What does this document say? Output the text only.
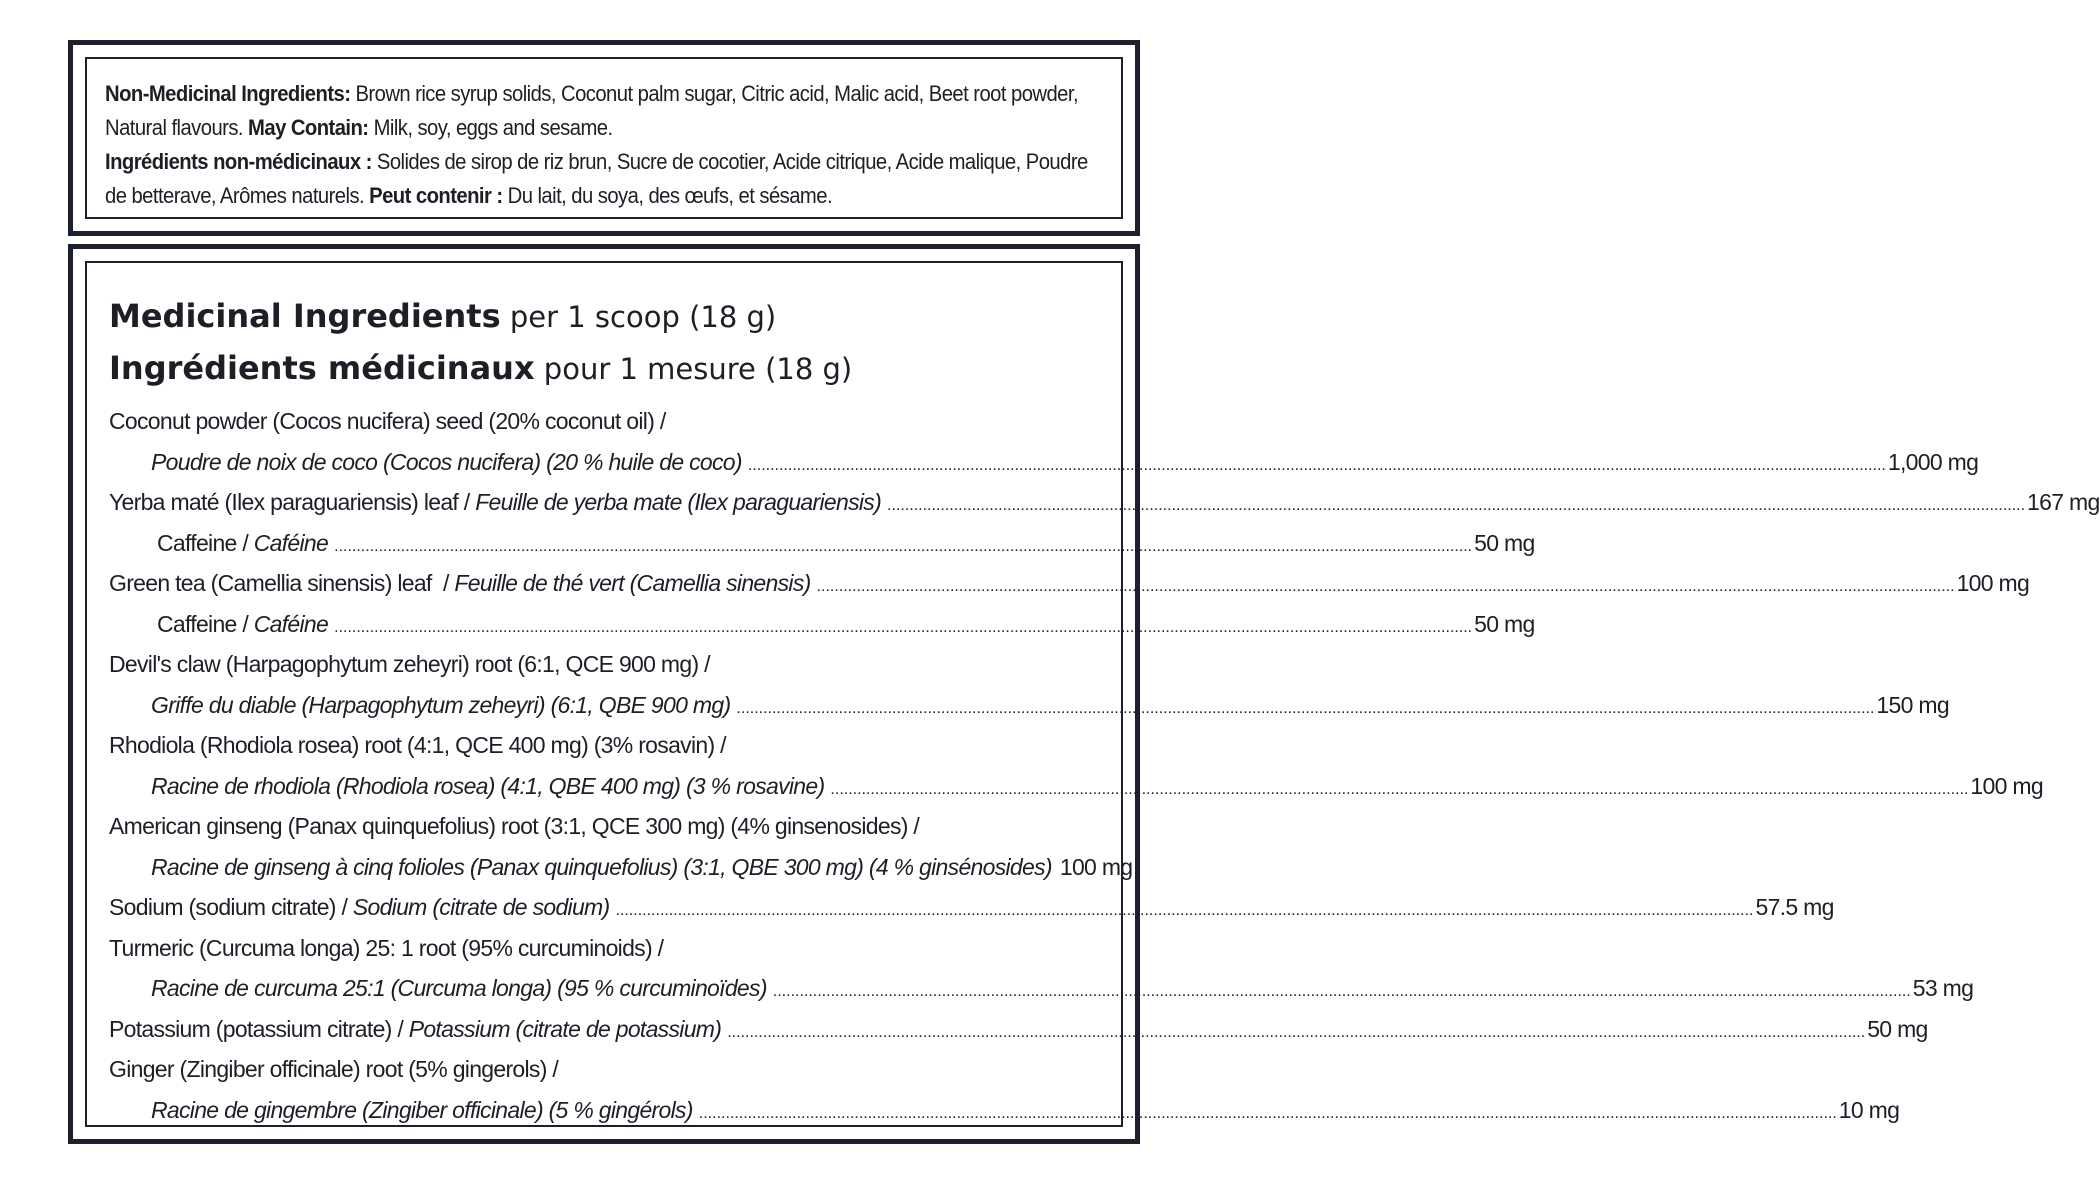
Non-Medicinal Ingredients: Brown rice syrup solids, Coconut palm sugar, Citric acid, Malic acid, Beet root powder, Natural flavours. May Contain: Milk, soy, eggs and sesame.
Ingrédients non-médicinaux : Solides de sirop de riz brun, Sucre de cocotier, Acide citrique, Acide malique, Poudre de betterave, Arômes naturels. Peut contenir : Du lait, du soya, des œufs, et sésame.
Medicinal Ingredients per 1 scoop (18 g)
Ingrédients médicinaux pour 1 mesure (18 g)
Coconut powder (Cocos nucifera) seed (20% coconut oil) /
Poudre de noix de coco (Cocos nucifera) (20 % huile de coco) .....	1,000 mg
Yerba maté (Ilex paraguariensis) leaf / Feuille de yerba mate (Ilex paraguariensis) .....	167 mg
Caffeine / Caféine .....	50 mg
Green tea (Camellia sinensis) leaf  / Feuille de thé vert (Camellia sinensis) .....	100 mg
Caffeine / Caféine .....	50 mg
Devil's claw (Harpagophytum zeheyri) root (6:1, QCE 900 mg) /
Griffe du diable (Harpagophytum zeheyri) (6:1, QBE 900 mg) .....	150 mg
Rhodiola (Rhodiola rosea) root (4:1, QCE 400 mg) (3% rosavin) /
Racine de rhodiola (Rhodiola rosea) (4:1, QBE 400 mg) (3 % rosavine) .....	100 mg
American ginseng (Panax quinquefolius) root (3:1, QCE 300 mg) (4% ginsenosides) /
Racine de ginseng à cinq folioles (Panax quinquefolius) (3:1, QBE 300 mg) (4 % ginsénosides) 100 mg
Sodium (sodium citrate) / Sodium (citrate de sodium) .....	57.5 mg
Turmeric (Curcuma longa) 25: 1 root (95% curcuminoids) /
Racine de curcuma 25:1 (Curcuma longa) (95 % curcuminoïdes) .....	53 mg
Potassium (potassium citrate) / Potassium (citrate de potassium) .....	50 mg
Ginger (Zingiber officinale) root (5% gingerols) /
Racine de gingembre (Zingiber officinale) (5 % gingérols) .....	10 mg
